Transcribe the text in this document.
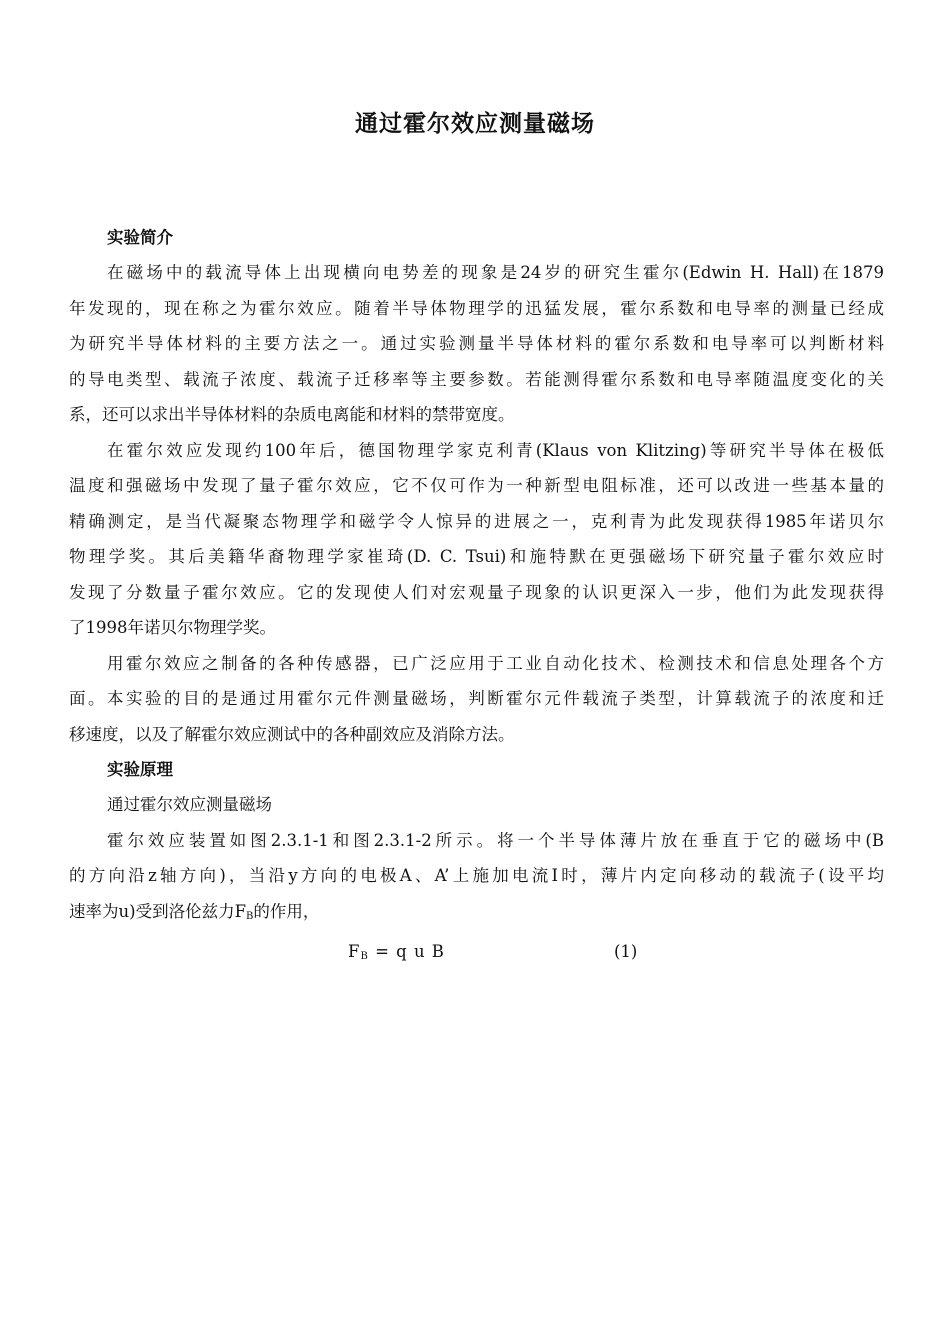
通过霍尔效应测量磁场
实验简介

在磁场中的载流导体上出现横向电势差的现象是24岁的研究生霍尔(Edwin H. Hall)在1879
年发现的，现在称之为霍尔效应。随着半导体物理学的迅猛发展，霍尔系数和电导率的测量已经成
为研究半导体材料的主要方法之一。通过实验测量半导体材料的霍尔系数和电导率可以判断材料
的导电类型、载流子浓度、载流子迁移率等主要参数。若能测得霍尔系数和电导率随温度变化的关
系，还可以求出半导体材料的杂质电离能和材料的禁带宽度。

在霍尔效应发现约100年后，德国物理学家克利青(Klaus von Klitzing)等研究半导体在极低
温度和强磁场中发现了量子霍尔效应，它不仅可作为一种新型电阻标准，还可以改进一些基本量的
精确测定，是当代凝聚态物理学和磁学令人惊异的进展之一，克利青为此发现获得1985年诺贝尔
物理学奖。其后美籍华裔物理学家崔琦(D. C. Tsui)和施特默在更强磁场下研究量子霍尔效应时
发现了分数量子霍尔效应。它的发现使人们对宏观量子现象的认识更深入一步，他们为此发现获得
了1998年诺贝尔物理学奖。

用霍尔效应之制备的各种传感器，已广泛应用于工业自动化技术、检测技术和信息处理各个方
面。本实验的目的是通过用霍尔元件测量磁场，判断霍尔元件载流子类型，计算载流子的浓度和迁
移速度，以及了解霍尔效应测试中的各种副效应及消除方法。

实验原理

通过霍尔效应测量磁场

霍尔效应装置如图2.3.1-1和图2.3.1-2所示。将一个半导体薄片放在垂直于它的磁场中(B
的方向沿z轴方向)，当沿y方向的电极A、A’上施加电流I时，薄片内定向移动的载流子(设平均
速率为u)受到洛伦兹力$F_B$的作用，

$F_B = q$ u B	(1)
